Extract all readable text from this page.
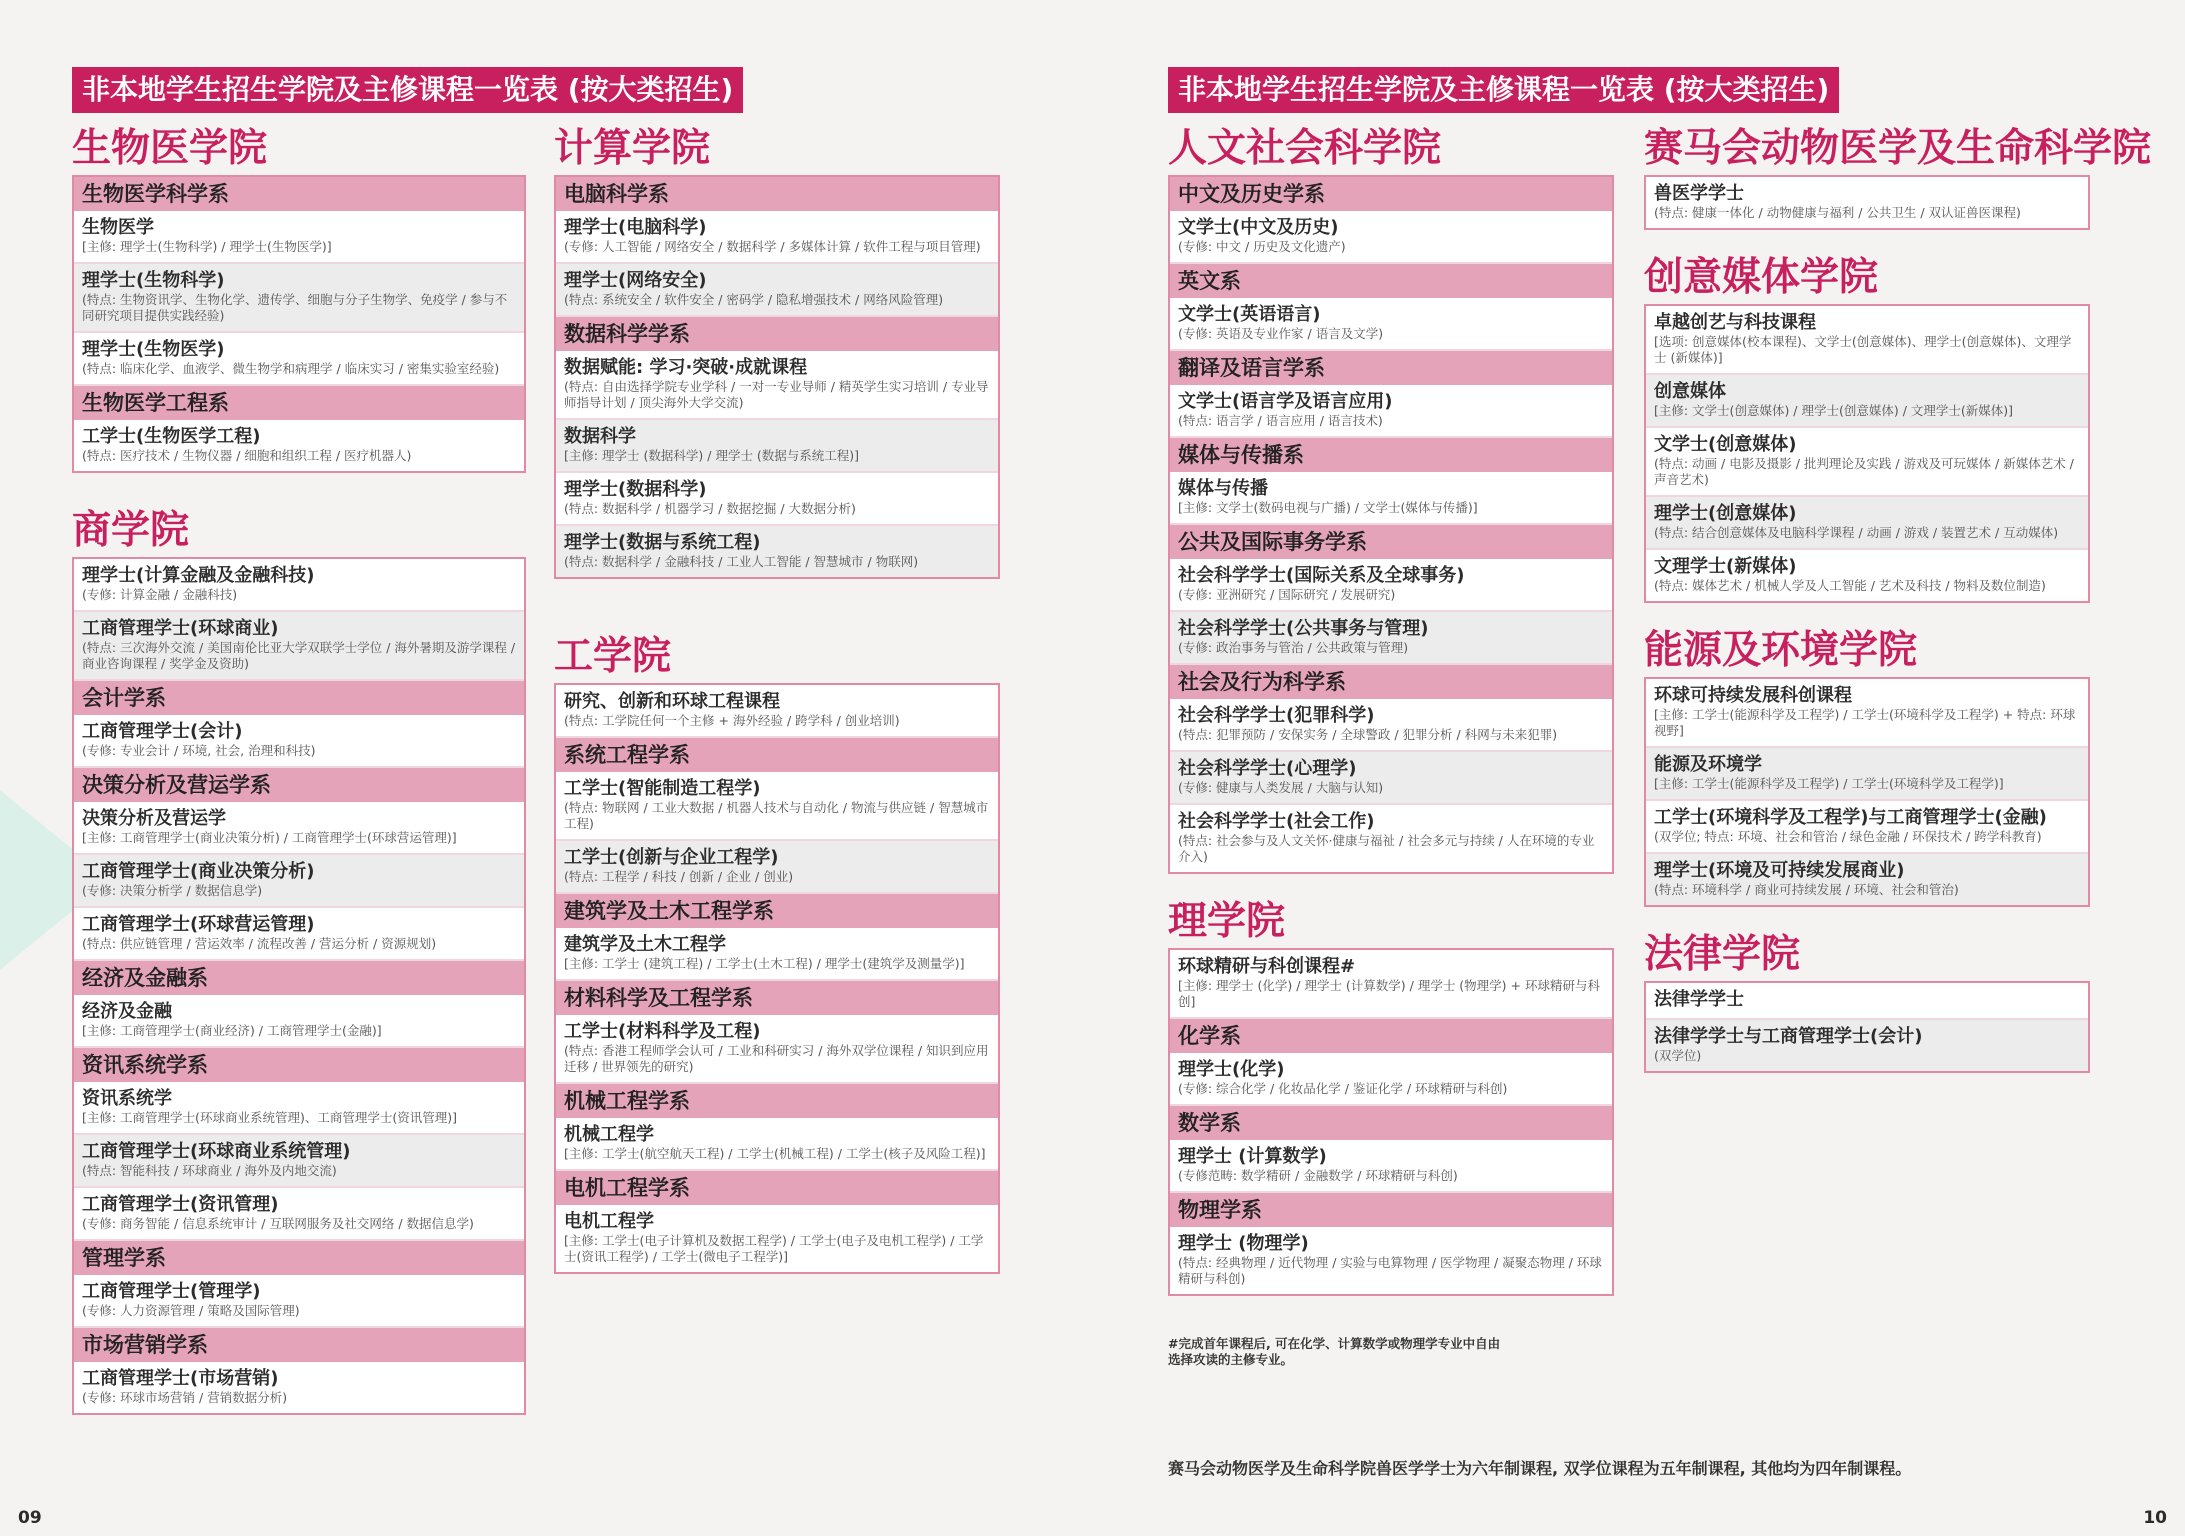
非本地学生招生学院及主修课程一览表 (按大类招生)
生物医学院
生物医学科学系
生物医学
[主修: 理学士(生物科学) / 理学士(生物医学)]
理学士(生物科学)
(特点: 生物资讯学、生物化学、遗传学、细胞与分子生物学、免疫学 / 参与不同研究项目提供实践经验)
理学士(生物医学)
(特点: 临床化学、血液学、微生物学和病理学 / 临床实习 / 密集实验室经验)
生物医学工程系
工学士(生物医学工程)
(特点: 医疗技术 / 生物仪器 / 细胞和组织工程 / 医疗机器人)
商学院
理学士(计算金融及金融科技)
(专修: 计算金融 / 金融科技)
工商管理学士(环球商业)
(特点: 三次海外交流 / 美国南伦比亚大学双联学士学位 / 海外暑期及游学课程 / 商业咨询课程 / 奖学金及资助)
会计学系
工商管理学士(会计)
(专修: 专业会计 / 环境, 社会, 治理和科技)
决策分析及营运学系
决策分析及营运学
[主修: 工商管理学士(商业决策分析) / 工商管理学士(环球营运管理)]
工商管理学士(商业决策分析)
(专修: 决策分析学 / 数据信息学)
工商管理学士(环球营运管理)
(特点: 供应链管理 / 营运效率 / 流程改善 / 营运分析 / 资源规划)
经济及金融系
经济及金融
[主修: 工商管理学士(商业经济) / 工商管理学士(金融)]
资讯系统学系
资讯系统学
[主修: 工商管理学士(环球商业系统管理)、工商管理学士(资讯管理)]
工商管理学士(环球商业系统管理)
(特点: 智能科技 / 环球商业 / 海外及内地交流)
工商管理学士(资讯管理)
(专修: 商务智能 / 信息系统审计 / 互联网服务及社交网络 / 数据信息学)
管理学系
工商管理学士(管理学)
(专修: 人力资源管理 / 策略及国际管理)
市场营销学系
工商管理学士(市场营销)
(专修: 环球市场营销 / 营销数据分析)
计算学院
电脑科学系
理学士(电脑科学)
(专修: 人工智能 / 网络安全 / 数据科学 / 多媒体计算 / 软件工程与项目管理)
理学士(网络安全)
(特点: 系统安全 / 软件安全 / 密码学 / 隐私增强技术 / 网络风险管理)
数据科学学系
数据赋能: 学习·突破·成就课程
(特点: 自由选择学院专业学科 / 一对一专业导师 / 精英学生实习培训 / 专业导师指导计划 / 顶尖海外大学交流)
数据科学
[主修: 理学士 (数据科学) / 理学士 (数据与系统工程)]
理学士(数据科学)
(特点: 数据科学 / 机器学习 / 数据挖掘 / 大数据分析)
理学士(数据与系统工程)
(特点: 数据科学 / 金融科技 / 工业人工智能 / 智慧城市 / 物联网)
工学院
研究、创新和环球工程课程
(特点: 工学院任何一个主修 + 海外经验 / 跨学科 / 创业培训)
系统工程学系
工学士(智能制造工程学)
(特点: 物联网 / 工业大数据 / 机器人技术与自动化 / 物流与供应链 / 智慧城市工程)
工学士(创新与企业工程学)
(特点: 工程学 / 科技 / 创新 / 企业 / 创业)
建筑学及土木工程学系
建筑学及土木工程学
[主修: 工学士 (建筑工程) / 工学士(土木工程) / 理学士(建筑学及测量学)]
材料科学及工程学系
工学士(材料科学及工程)
(特点: 香港工程师学会认可 / 工业和科研实习 / 海外双学位课程 / 知识到应用迁移 / 世界领先的研究)
机械工程学系
机械工程学
[主修: 工学士(航空航天工程) / 工学士(机械工程) / 工学士(核子及风险工程)]
电机工程学系
电机工程学
[主修: 工学士(电子计算机及数据工程学) / 工学士(电子及电机工程学) / 工学士(资讯工程学) / 工学士(微电子工程学)]
09
非本地学生招生学院及主修课程一览表 (按大类招生)
人文社会科学院
中文及历史学系
文学士(中文及历史)
(专修: 中文 / 历史及文化遗产)
英文系
文学士(英语语言)
(专修: 英语及专业作家 / 语言及文学)
翻译及语言学系
文学士(语言学及语言应用)
(特点: 语言学 / 语言应用 / 语言技术)
媒体与传播系
媒体与传播
[主修: 文学士(数码电视与广播) / 文学士(媒体与传播)]
公共及国际事务学系
社会科学学士(国际关系及全球事务)
(专修: 亚洲研究 / 国际研究 / 发展研究)
社会科学学士(公共事务与管理)
(专修: 政治事务与管治 / 公共政策与管理)
社会及行为科学系
社会科学学士(犯罪科学)
(特点: 犯罪预防 / 安保实务 / 全球警政 / 犯罪分析 / 科网与未来犯罪)
社会科学学士(心理学)
(专修: 健康与人类发展 / 大脑与认知)
社会科学学士(社会工作)
(特点: 社会参与及人文关怀·健康与福祉 / 社会多元与持续 / 人在环境的专业介入)
理学院
环球精研与科创课程#
[主修: 理学士 (化学) / 理学士 (计算数学) / 理学士 (物理学) + 环球精研与科创]
化学系
理学士(化学)
(专修: 综合化学 / 化妆品化学 / 鉴证化学 / 环球精研与科创)
数学系
理学士 (计算数学)
(专修范畴: 数学精研 / 金融数学 / 环球精研与科创)
物理学系
理学士 (物理学)
(特点: 经典物理 / 近代物理 / 实验与电算物理 / 医学物理 / 凝聚态物理 / 环球精研与科创)
赛马会动物医学及生命科学院
兽医学学士
(特点: 健康一体化 / 动物健康与福利 / 公共卫生 / 双认证兽医课程)
创意媒体学院
卓越创艺与科技课程
[选项: 创意媒体(校本课程)、文学士(创意媒体)、理学士(创意媒体)、文理学士 (新媒体)]
创意媒体
[主修: 文学士(创意媒体) / 理学士(创意媒体) / 文理学士(新媒体)]
文学士(创意媒体)
(特点: 动画 / 电影及摄影 / 批判理论及实践 / 游戏及可玩媒体 / 新媒体艺术 / 声音艺术)
理学士(创意媒体)
(特点: 结合创意媒体及电脑科学课程 / 动画 / 游戏 / 装置艺术 / 互动媒体)
文理学士(新媒体)
(特点: 媒体艺术 / 机械人学及人工智能 / 艺术及科技 / 物料及数位制造)
能源及环境学院
环球可持续发展科创课程
[主修: 工学士(能源科学及工程学) / 工学士(环境科学及工程学) + 特点: 环球视野]
能源及环境学
[主修: 工学士(能源科学及工程学) / 工学士(环境科学及工程学)]
工学士(环境科学及工程学)与工商管理学士(金融)
(双学位; 特点: 环境、社会和管治 / 绿色金融 / 环保技术 / 跨学科教育)
理学士(环境及可持续发展商业)
(特点: 环境科学 / 商业可持续发展 / 环境、社会和管治)
法律学院
法律学学士
法律学学士与工商管理学士(会计)
(双学位)
#完成首年课程后, 可在化学、计算数学或物理学专业中自由选择攻读的主修专业。
赛马会动物医学及生命科学院兽医学学士为六年制课程, 双学位课程为五年制课程, 其他均为四年制课程。
10
